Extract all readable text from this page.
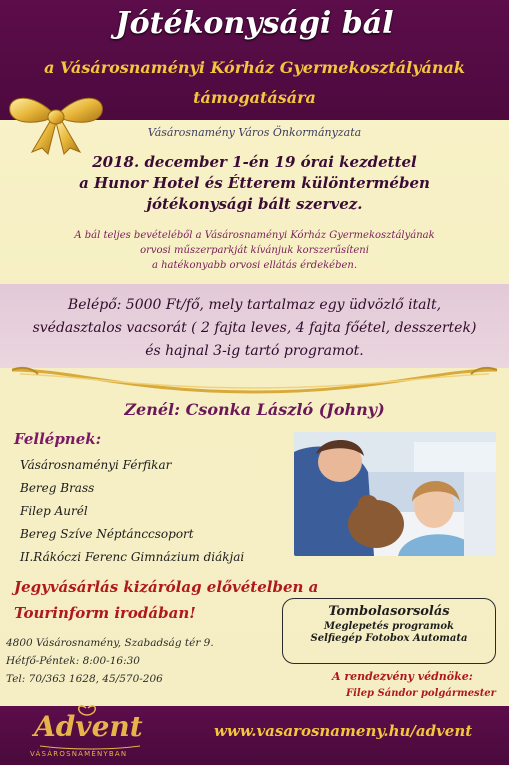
Jótékonysági bál
a Vásárosnaményi Kórház Gyermekosztályának
támogatására
Vásárosnamény Város Önkormányzata
2018. december 1-én 19 órai kezdettel
a Hunor Hotel és Étterem különtermében
jótékonysági bált szervez.
A bál teljes bevételéből a Vásárosnaményi Kórház Gyermekosztályának
orvosi műszerparkját kívánjuk korszerűsíteni
a hatékonyabb orvosi ellátás érdekében.
Belépő: 5000 Ft/fő, mely tartalmaz egy üdvözlő italt,
svédasztalos vacsorát ( 2 fajta leves, 4 fajta főétel, desszertek)
és hajnal 3-ig tartó programot.
Zenél: Csonka László (Johny)
Fellépnek:
Vásárosnaményi Férfikar
Bereg Brass
Filep Aurél
Bereg Szíve Néptánccsoport
II.Rákóczi Ferenc Gimnázium diákjai
Jegyvásárlás kizárólag elővételben a
Tourinform irodában!
4800 Vásárosnamény, Szabadság tér 9.
Hétfő-Péntek: 8:00-16:30
Tel: 70/363 1628, 45/570-206
Tombolasorsolás
Meglepetés programok
Selfiegép Fotobox Automata
A rendezvény védnöke:
Filep Sándor polgármester
Advent
VÁSÁROSNAMÉNYBAN
www.vasarosnameny.hu/advent
